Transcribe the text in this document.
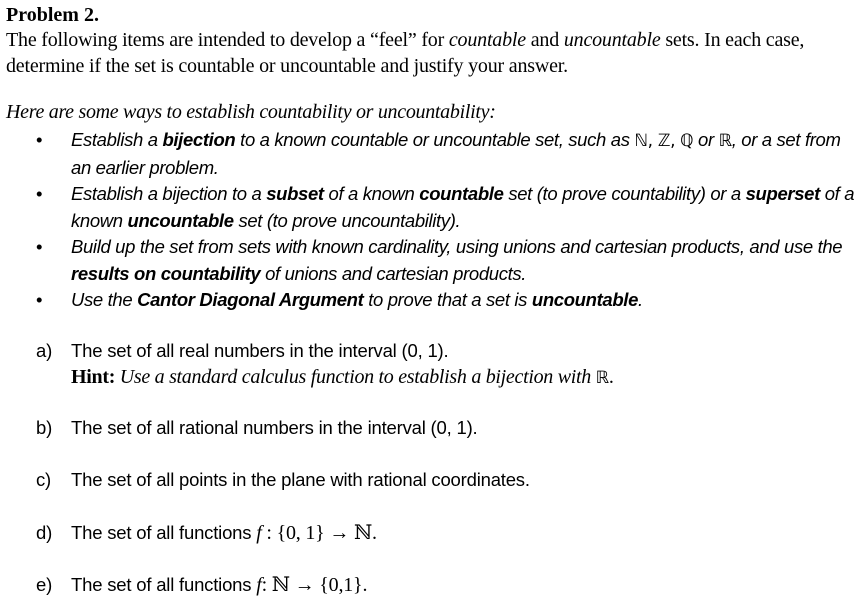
Problem 2.
The following items are intended to develop a “feel” for countable and uncountable sets. In each case, determine if the set is countable or uncountable and justify your answer.
Here are some ways to establish countability or uncountability:
• Establish a bijection to a known countable or uncountable set, such as ℕ, ℤ, ℚ or ℝ, or a set from an earlier problem.
• Establish a bijection to a subset of a known countable set (to prove countability) or a superset of a known uncountable set (to prove uncountability).
• Build up the set from sets with known cardinality, using unions and cartesian products, and use the results on countability of unions and cartesian products.
• Use the Cantor Diagonal Argument to prove that a set is uncountable.
a) The set of all real numbers in the interval (0, 1).
Hint: Use a standard calculus function to establish a bijection with ℝ.
b) The set of all rational numbers in the interval (0, 1).
c) The set of all points in the plane with rational coordinates.
d) The set of all functions f : {0, 1} → ℕ.
e) The set of all functions f: ℕ → {0,1}.
